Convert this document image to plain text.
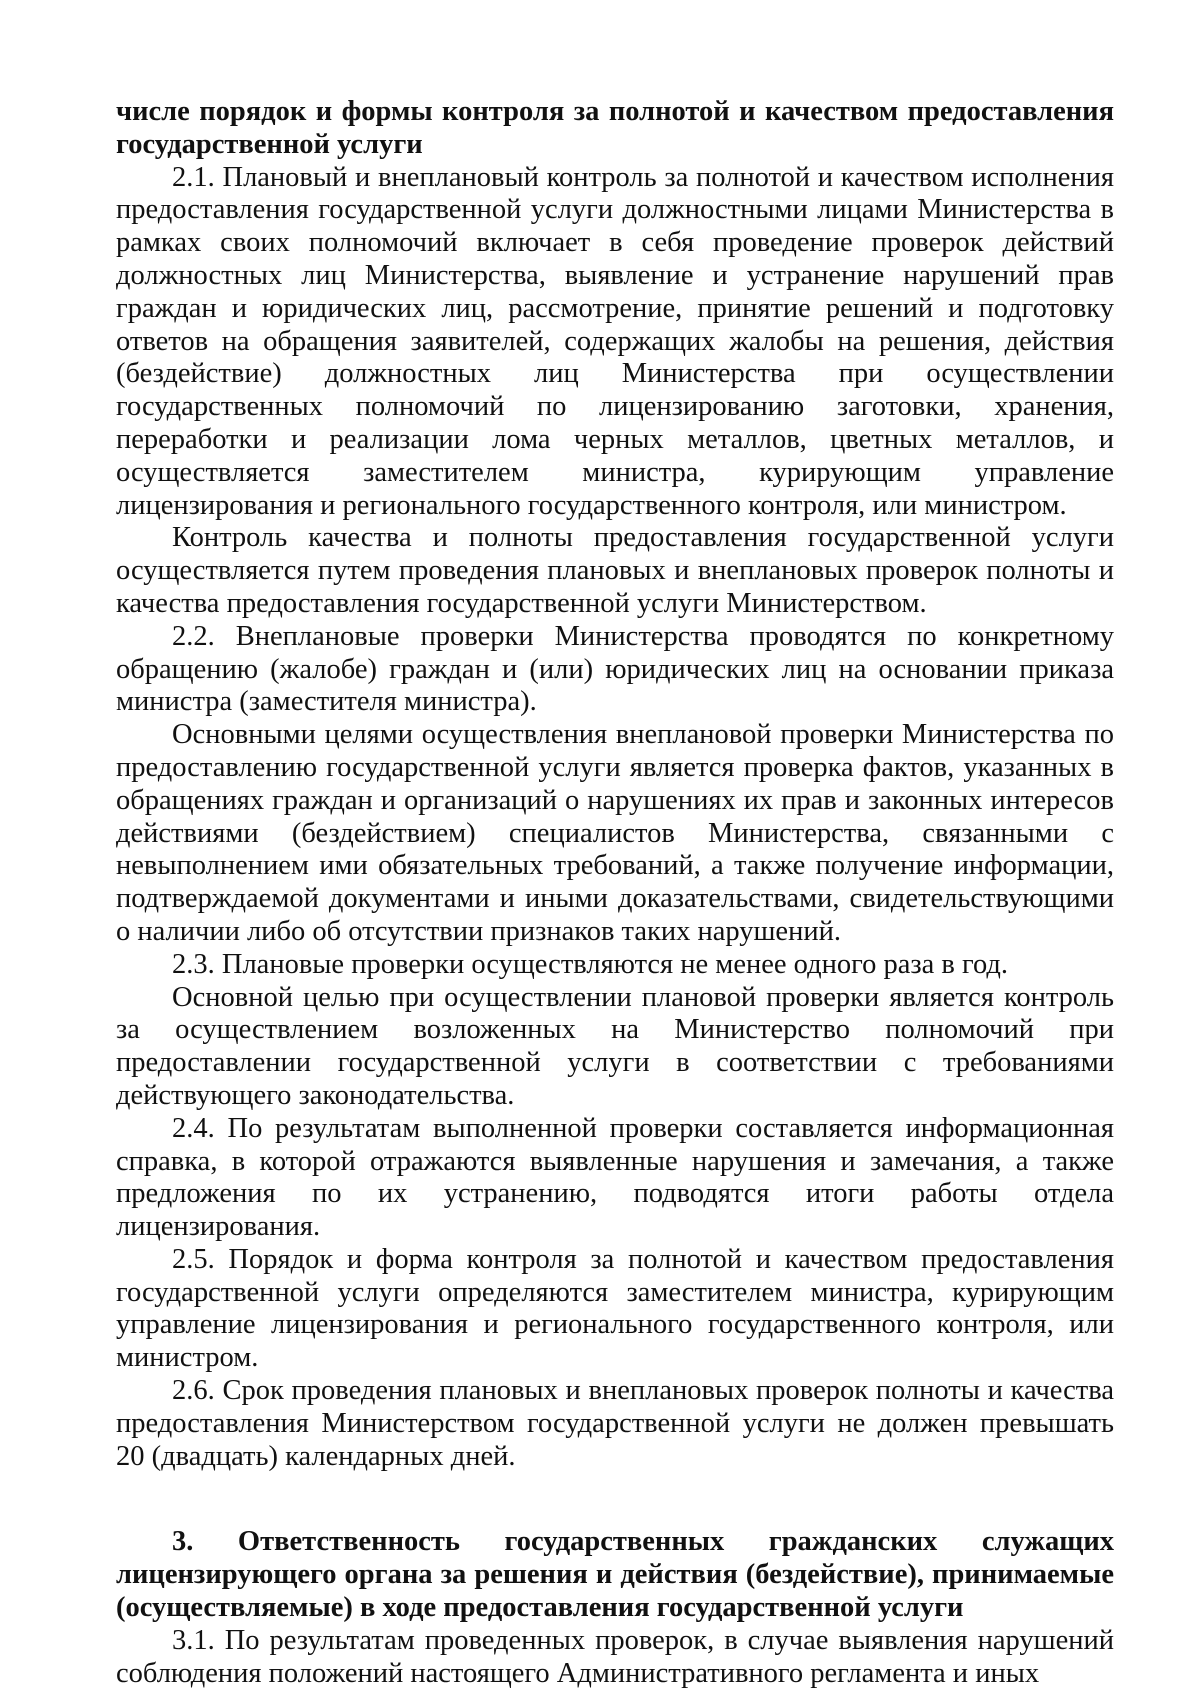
числе порядок и формы контроля за полнотой и качеством предоставления государственной услуги

2.1. Плановый и внеплановый контроль за полнотой и качеством исполнения предоставления государственной услуги должностными лицами Министерства в рамках своих полномочий включает в себя проведение проверок действий должностных лиц Министерства, выявление и устранение нарушений прав граждан и юридических лиц, рассмотрение, принятие решений и подготовку ответов на обращения заявителей, содержащих жалобы на решения, действия (бездействие) должностных лиц Министерства при осуществлении государственных полномочий по лицензированию заготовки, хранения, переработки и реализации лома черных металлов, цветных металлов, и осуществляется заместителем министра, курирующим управление лицензирования и регионального государственного контроля, или министром.

Контроль качества и полноты предоставления государственной услуги осуществляется путем проведения плановых и внеплановых проверок полноты и качества предоставления государственной услуги Министерством.

2.2. Внеплановые проверки Министерства проводятся по конкретному обращению (жалобе) граждан и (или) юридических лиц на основании приказа министра (заместителя министра).

Основными целями осуществления внеплановой проверки Министерства по предоставлению государственной услуги является проверка фактов, указанных в обращениях граждан и организаций о нарушениях их прав и законных интересов действиями (бездействием) специалистов Министерства, связанными с невыполнением ими обязательных требований, а также получение информации, подтверждаемой документами и иными доказательствами, свидетельствующими о наличии либо об отсутствии признаков таких нарушений.

2.3. Плановые проверки осуществляются не менее одного раза в год.

Основной целью при осуществлении плановой проверки является контроль за осуществлением возложенных на Министерство полномочий при предоставлении государственной услуги в соответствии с требованиями действующего законодательства.

2.4. По результатам выполненной проверки составляется информационная справка, в которой отражаются выявленные нарушения и замечания, а также предложения по их устранению, подводятся итоги работы отдела лицензирования.

2.5. Порядок и форма контроля за полнотой и качеством предоставления государственной услуги определяются заместителем министра, курирующим управление лицензирования и регионального государственного контроля, или министром.

2.6. Срок проведения плановых и внеплановых проверок полноты и качества предоставления Министерством государственной услуги не должен превышать 20 (двадцать) календарных дней.

3. Ответственность государственных гражданских служащих лицензирующего органа за решения и действия (бездействие), принимаемые (осуществляемые) в ходе предоставления государственной услуги

3.1. По результатам проведенных проверок, в случае выявления нарушений соблюдения положений настоящего Административного регламента и иных
